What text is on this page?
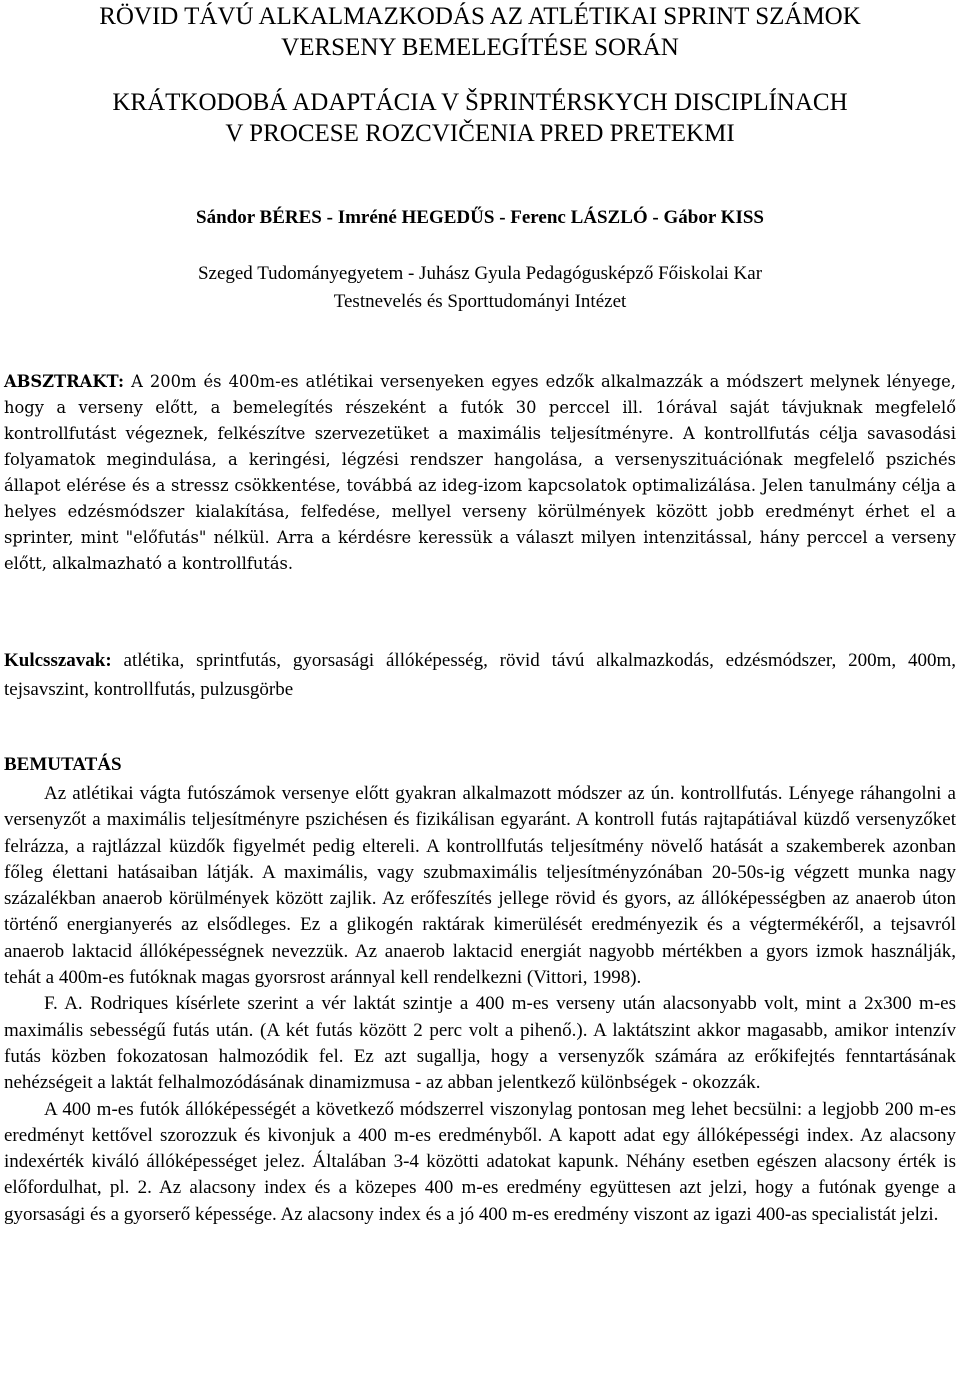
RÖVID TÁVÚ ALKALMAZKODÁS AZ ATLÉTIKAI SPRINT SZÁMOK
VERSENY BEMELEGÍTÉSE SORÁN
KRÁTKODOBÁ ADAPTÁCIA V ŠPRINTÉRSKYCH DISCIPLÍNACH
V PROCESE ROZCVIČENIA PRED PRETEKMI
Sándor BÉRES - Imréné HEGEDŰS - Ferenc LÁSZLÓ - Gábor KISS
Szeged Tudományegyetem - Juhász Gyula Pedagógusképző Főiskolai Kar
Testnevelés és Sporttudományi Intézet
ABSZTRAKT: A 200m és 400m-es atlétikai versenyeken egyes edzők alkalmazzák a módszert melynek lényege, hogy a verseny előtt, a bemelegítés részeként a futók 30 perccel ill. 1órával saját távjuknak megfelelő kontrollfutást végeznek, felkészítve szervezetüket a maximális teljesítményre. A kontrollfutás célja savasodási folyamatok megindulása, a keringési, légzési rendszer hangolása, a versenyszituációnak megfelelő pszichés állapot elérése és a stressz csökkentése, továbbá az ideg-izom kapcsolatok optimalizálása. Jelen tanulmány célja a helyes edzésmódszer kialakítása, felfedése, mellyel verseny körülmények között jobb eredményt érhet el a sprinter, mint "előfutás" nélkül. Arra a kérdésre keressük a választ milyen intenzitással, hány perccel a verseny előtt, alkalmazható a kontrollfutás.
Kulcsszavak: atlétika, sprintfutás, gyorsasági állóképesség, rövid távú alkalmazkodás, edzésmódszer, 200m, 400m, tejsavszint, kontrollfutás, pulzusgörbe
BEMUTATÁS

Az atlétikai vágta futószámok versenye előtt gyakran alkalmazott módszer az ún. kontrollfutás. Lényege ráhangolni a versenyzőt a maximális teljesítményre pszichésen és fizikálisan egyaránt. A kontroll futás rajtapátiával küzdő versenyzőket felrázza, a rajtlázzal küzdők figyelmét pedig eltereli. A kontrollfutás teljesítmény növelő hatását a szakemberek azonban főleg élettani hatásaiban látják. A maximális, vagy szubmaximális teljesítményzónában 20-50s-ig végzett munka nagy százalékban anaerob körülmények között zajlik. Az erőfeszítés jellege rövid és gyors, az állóképességben az anaerob úton történő energianyerés az elsődleges. Ez a glikogén raktárak kimerülését eredményezik és a végtermékéről, a tejsavról anaerob laktacid állóképességnek nevezzük. Az anaerob laktacid energiát nagyobb mértékben a gyors izmok használják, tehát a 400m-es futóknak magas gyorsrost aránnyal kell rendelkezni (Vittori, 1998).

F. A. Rodriques kísérlete szerint a vér laktát szintje a 400 m-es verseny után alacsonyabb volt, mint a 2x300 m-es maximális sebességű futás után. (A két futás között 2 perc volt a pihenő.). A laktátszint akkor magasabb, amikor intenzív futás közben fokozatosan halmozódik fel. Ez azt sugallja, hogy a versenyzők számára az erőkifejtés fenntartásának nehézségeit a laktát felhalmozódásának dinamizmusa - az abban jelentkező különbségek - okozzák.

A 400 m-es futók állóképességét a következő módszerrel viszonylag pontosan meg lehet becsülni: a legjobb 200 m-es eredményt kettővel szorozzuk és kivonjuk a 400 m-es eredményből. A kapott adat egy állóképességi index. Az alacsony indexérték kiváló állóképességet jelez. Általában 3-4 közötti adatokat kapunk. Néhány esetben egészen alacsony érték is előfordulhat, pl. 2. Az alacsony index és a közepes 400 m-es eredmény együttesen azt jelzi, hogy a futónak gyenge a gyorsasági és a gyorserő képessége. Az alacsony index és a jó 400 m-es eredmény viszont az igazi 400-as specialistát jelzi.
